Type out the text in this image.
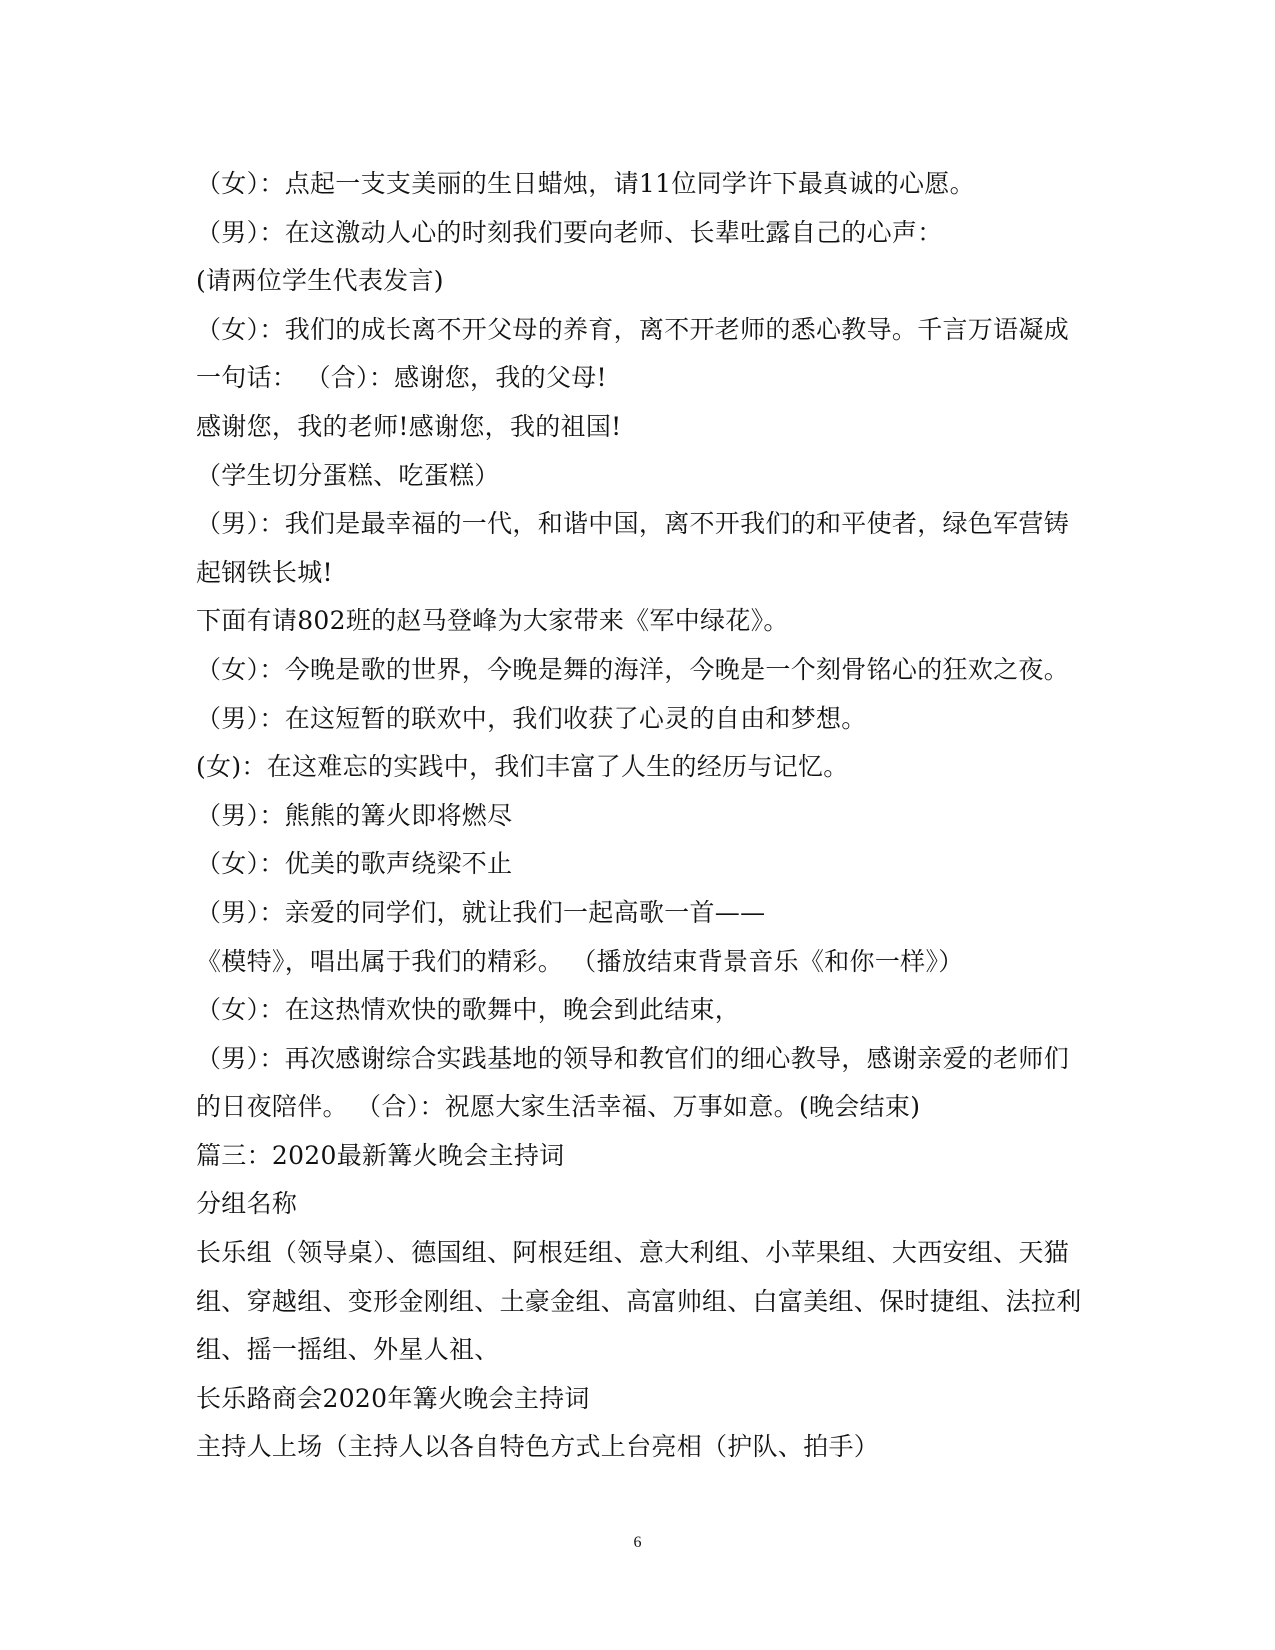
（女）：点起一支支美丽的生日蜡烛，请11位同学许下最真诚的心愿。
（男）：在这激动人心的时刻我们要向老师、长辈吐露自己的心声：
(请两位学生代表发言)
（女）：我们的成长离不开父母的养育，离不开老师的悉心教导。千言万语凝成
一句话： （合）：感谢您，我的父母!
感谢您，我的老师!感谢您，我的祖国!
（学生切分蛋糕、吃蛋糕）
（男）：我们是最幸福的一代，和谐中国，离不开我们的和平使者，绿色军营铸
起钢铁长城!
下面有请802班的赵马登峰为大家带来《军中绿花》。
（女）：今晚是歌的世界，今晚是舞的海洋，今晚是一个刻骨铭心的狂欢之夜。
（男）：在这短暂的联欢中，我们收获了心灵的自由和梦想。
(女)：在这难忘的实践中，我们丰富了人生的经历与记忆。
（男）：熊熊的篝火即将燃尽
（女）：优美的歌声绕梁不止
（男）：亲爱的同学们，就让我们一起高歌一首——
《模特》，唱出属于我们的精彩。 （播放结束背景音乐《和你一样》）
（女）：在这热情欢快的歌舞中，晚会到此结束，
（男）：再次感谢综合实践基地的领导和教官们的细心教导，感谢亲爱的老师们
的日夜陪伴。 （合）：祝愿大家生活幸福、万事如意。(晚会结束)
篇三：2020最新篝火晚会主持词
分组名称
长乐组（领导桌）、德国组、阿根廷组、意大利组、小苹果组、大西安组、天猫
组、穿越组、变形金刚组、土豪金组、高富帅组、白富美组、保时捷组、法拉利
组、摇一摇组、外星人祖、
长乐路商会2020年篝火晚会主持词
主持人上场（主持人以各自特色方式上台亮相（护队、拍手）
6
